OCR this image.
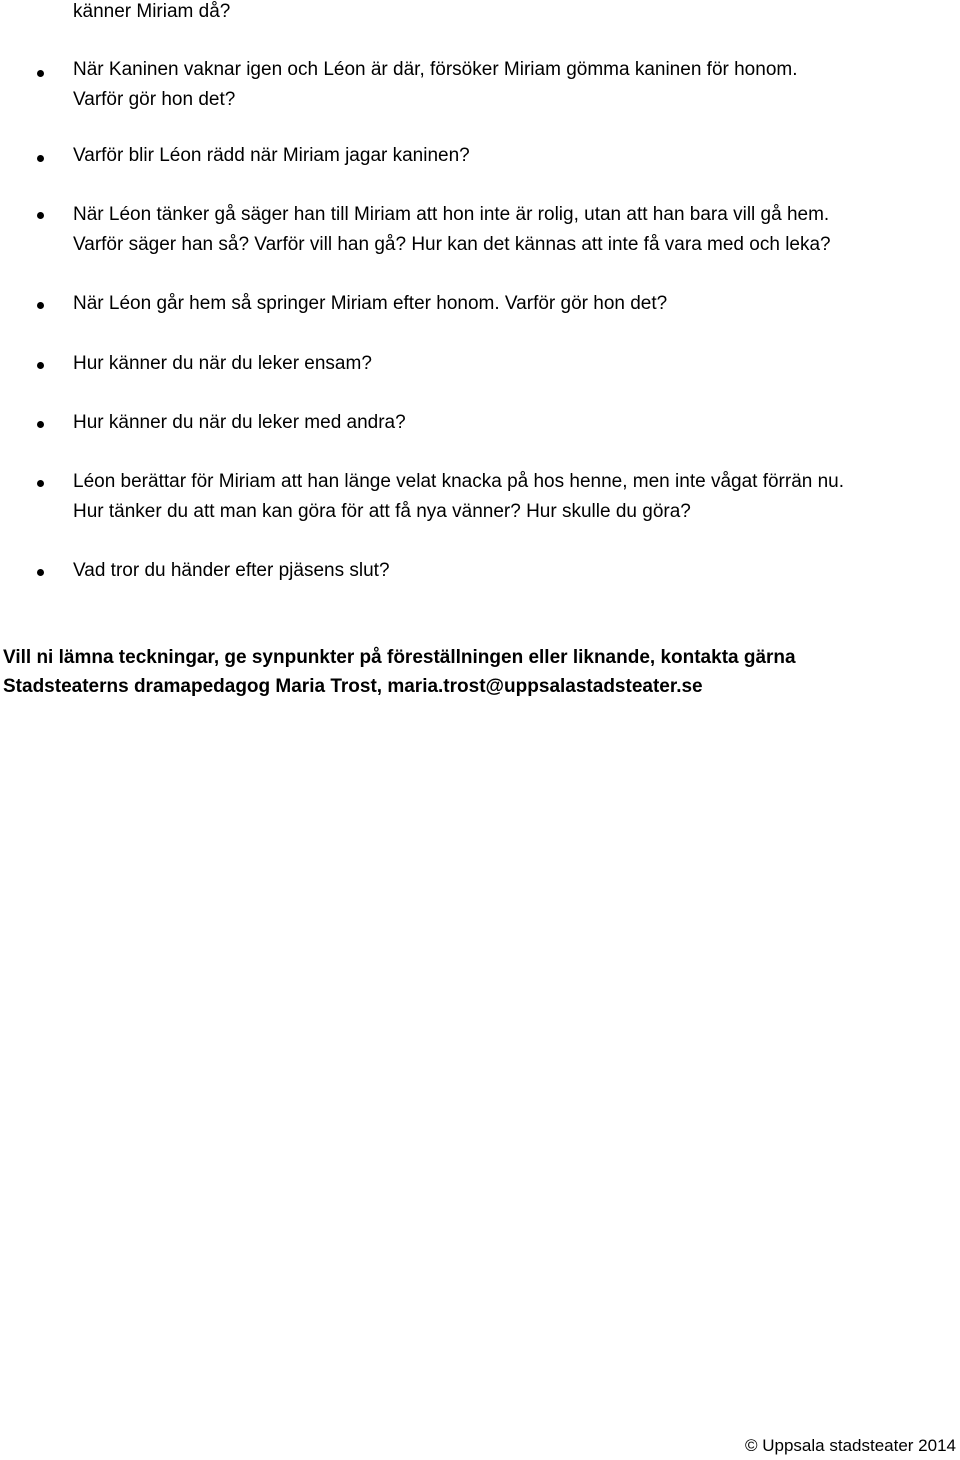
känner Miriam då?
När Kaninen vaknar igen och Léon är där, försöker Miriam gömma kaninen för honom.
Varför gör hon det?
Varför blir Léon rädd när Miriam jagar kaninen?
När Léon tänker gå säger han till Miriam att hon inte är rolig, utan att han bara vill gå hem.
Varför säger han så? Varför vill han gå? Hur kan det kännas att inte få vara med och leka?
När Léon går hem så springer Miriam efter honom. Varför gör hon det?
Hur känner du när du leker ensam?
Hur känner du när du leker med andra?
Léon berättar för Miriam att han länge velat knacka på hos henne, men inte vågat förrän nu.
Hur tänker du att man kan göra för att få nya vänner? Hur skulle du göra?
Vad tror du händer efter pjäsens slut?
Vill ni lämna teckningar, ge synpunkter på föreställningen eller liknande, kontakta gärna
Stadsteaterns dramapedagog Maria Trost, maria.trost@uppsalastadsteater.se
© Uppsala stadsteater 2014
